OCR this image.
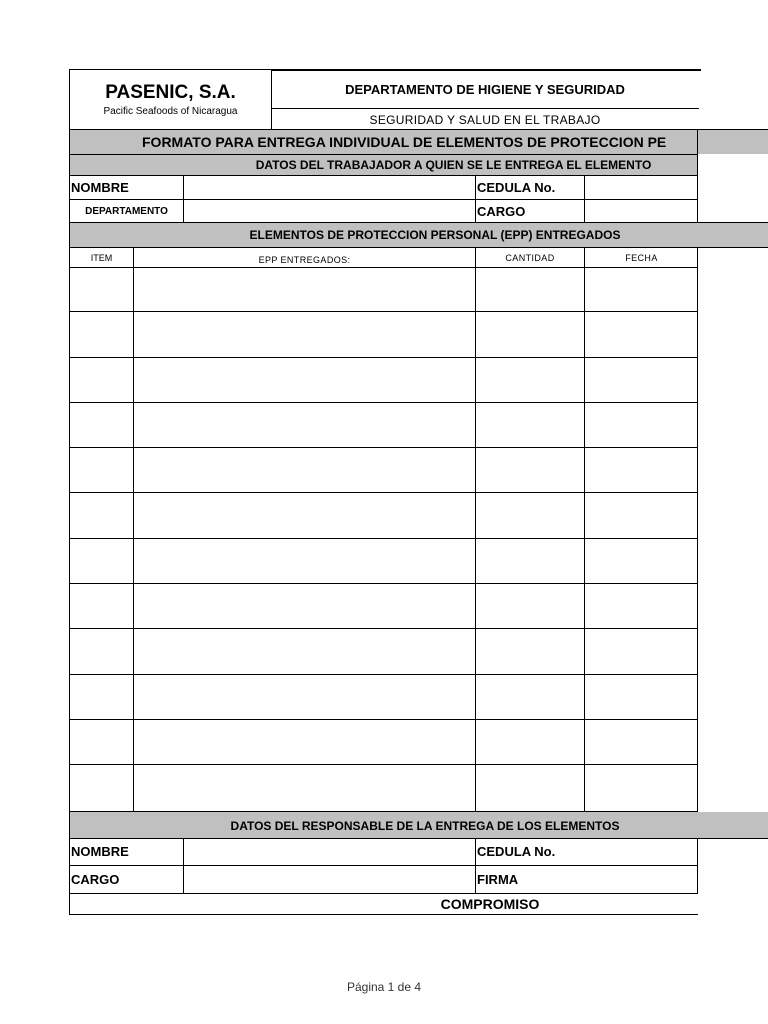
PASENIC, S.A.
Pacific Seafoods of Nicaragua
DEPARTAMENTO DE HIGIENE Y SEGURIDAD
SEGURIDAD Y SALUD EN EL TRABAJO
FORMATO PARA ENTREGA INDIVIDUAL DE ELEMENTOS DE PROTECCION PE
DATOS DEL TRABAJADOR A QUIEN SE LE ENTREGA EL ELEMENTO
NOMBRE	CEDULA No.
DEPARTAMENTO	CARGO
ELEMENTOS DE PROTECCION PERSONAL (EPP) ENTREGADOS
ITEM	EPP ENTREGADOS:	CANTIDAD	FECHA
DATOS DEL RESPONSABLE DE LA ENTREGA DE LOS ELEMENTOS
NOMBRE	CEDULA No.
CARGO	FIRMA
COMPROMISO
Página 1 de 4
